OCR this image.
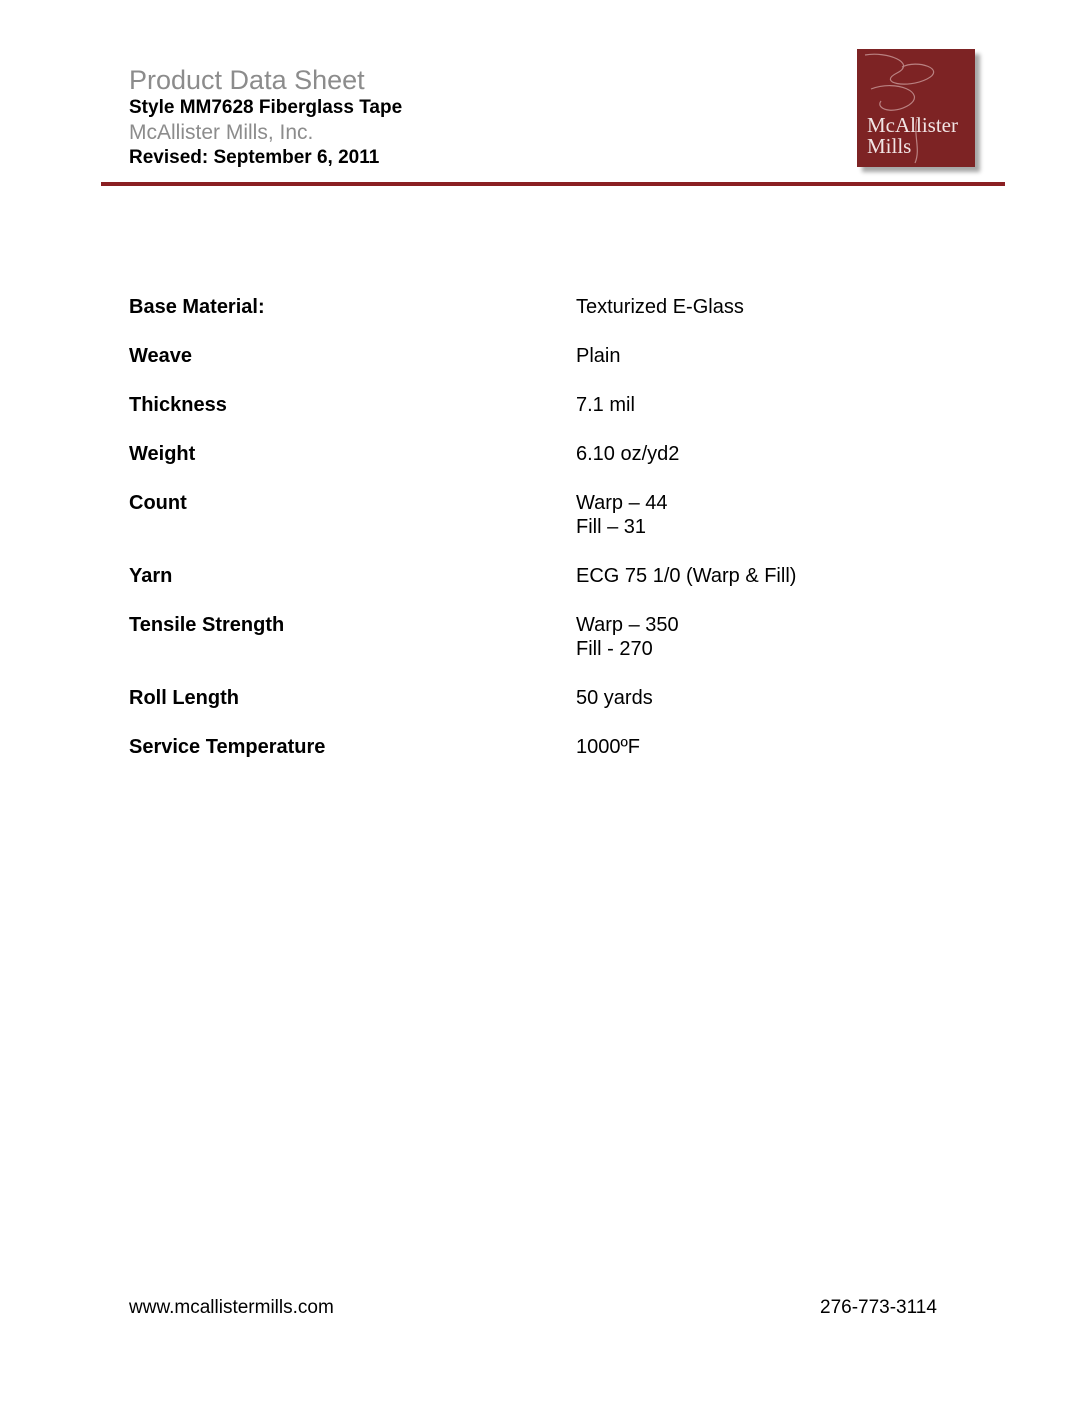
Product Data Sheet
Style MM7628 Fiberglass Tape
McAllister Mills, Inc.
Revised: September 6, 2011
McAllister
Mills
Base Material:	Texturized E-Glass
Weave	Plain
Thickness	7.1 mil
Weight	6.10 oz/yd2
Count	Warp – 44
Fill – 31
Yarn	ECG 75 1/0 (Warp & Fill)
Tensile Strength	Warp – 350
Fill - 270
Roll Length	50 yards
Service Temperature	1000ºF
www.mcallistermills.com	276-773-3114
